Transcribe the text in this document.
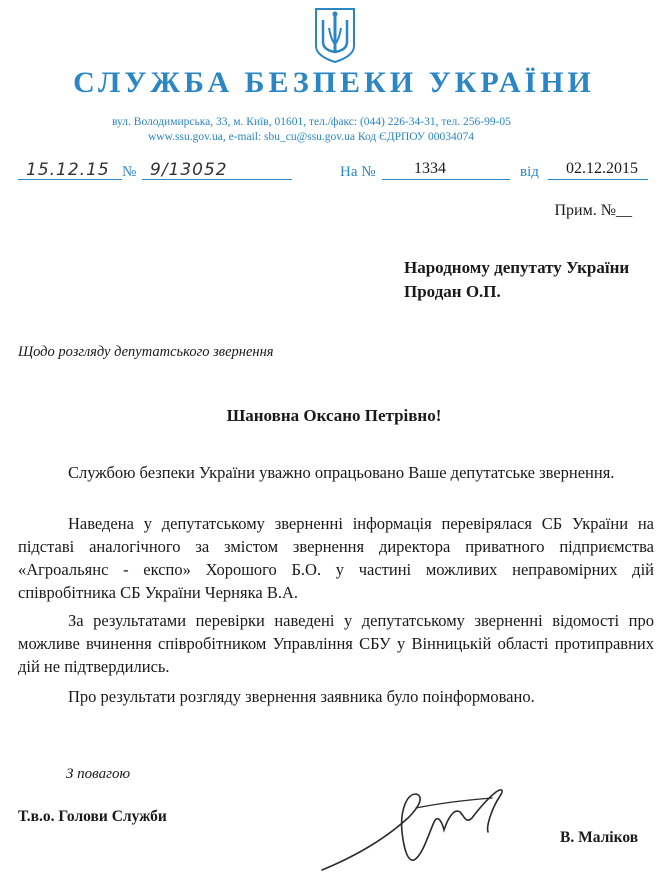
СЛУЖБА БЕЗПЕКИ УКРАЇНИ
вул. Володимирська, 33, м. Київ, 01601, тел./факс: (044) 226-34-31, тел. 256-99-05
www.ssu.gov.ua, e-mail: sbu_cu@ssu.gov.ua Код ЄДРПОУ 00034074
15.12.15 № 9/13052	На № 1334	від 02.12.2015
Прим. №__
Народному депутату України
Продан О.П.
Щодо розгляду депутатського звернення
Шановна Оксано Петрівно!
Службою безпеки України уважно опрацьовано Ваше депутатське звернення.
Наведена у депутатському зверненні інформація перевірялася СБ України на підставі аналогічного за змістом звернення директора приватного підприємства «Агроальянс - експо» Хорошого Б.О. у частині можливих неправомірних дій співробітника СБ України Черняка В.А.
За результатами перевірки наведені у депутатському зверненні відомості про можливе вчинення співробітником Управління СБУ у Вінницькій області протиправних дій не підтвердились.
Про результати розгляду звернення заявника було поінформовано.
З повагою
Т.в.о. Голови Служби
В. Маліков
